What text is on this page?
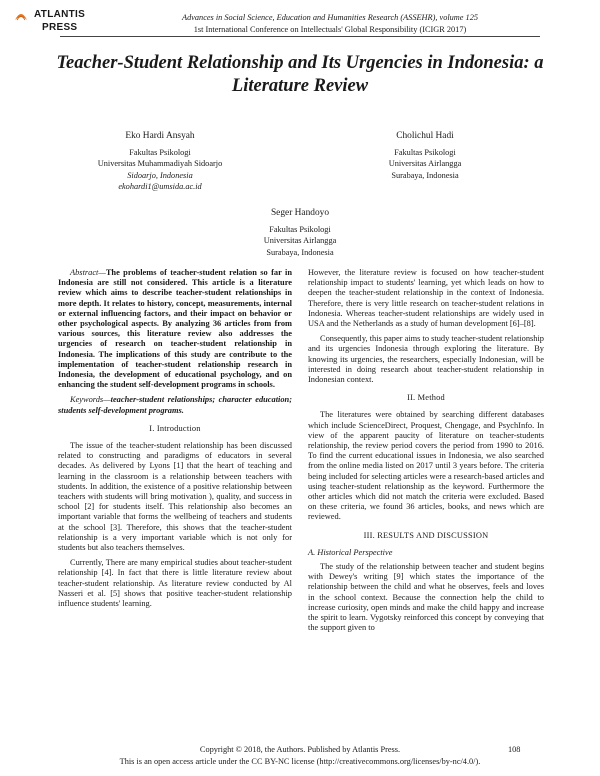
ATLANTIS
PRESS
Advances in Social Science, Education and Humanities Research (ASSEHR), volume 125
1st International Conference on Intellectuals' Global Responsibility (ICIGR 2017)
Teacher-Student Relationship and Its Urgencies in Indonesia: a Literature Review
Eko Hardi Ansyah
Fakultas Psikologi
Universitas Muhammadiyah Sidoarjo
Sidoarjo, Indonesia
ekohardi1@umsida.ac.id
Cholichul Hadi
Fakultas Psikologi
Universitas Airlangga
Surabaya, Indonesia
Seger Handoyo
Fakultas Psikologi
Universitas Airlangga
Surabaya, Indonesia
Abstract—The problems of teacher-student relation so far in Indonesia are still not considered. This article is a literature review which aims to describe teacher-student relationships in more depth. It relates to history, concept, measurements, internal or external influencing factors, and their impact on behavior or other psychological aspects. By analyzing 36 articles from from various sources, this literature review also addresses the urgencies of research on teacher-student relationship in Indonesia. The implications of this study are contribute to the implementation of teacher-student relationship research in Indonesia, the development of educational psychology, and on enhancing the student self-development programs in schools.
Keywords—teacher-student relationships; character education; students self-development programs.
I. Introduction

The issue of the teacher-student relationship has been discussed related to constructing and paradigms of educators in several decades. As delivered by Lyons [1] that the heart of teaching and learning in the classroom is a relationship between teachers with students. In addition, the existence of a positive relationship between teachers with students will bring motivation ), quality, and success in school [2] for students itself. This relationship also becomes an important variable that forms the wellbeing of teachers and students at the school [3]. Therefore, this shows that the teacher-student relationship is a very important variable which is not only for students but also teachers themselves.

Currently, There are many empirical studies about teacher-student relationship [4]. In fact that there is little literature review about teacher-student relationship. As literature review conducted by Al Nasseri et al. [5] shows that positive teacher-student relationship influence students' learning.

However, the literature review is focused on how teacher-student relationship impact to students' learning, yet which leads on how to deepen the teacher-student relationship in the context of Indonesia. Therefore, there is very little research on teacher-student relations in Indonesia. Whereas teacher-student relationships are widely used in USA and the Netherlands as a study of human development [6]–[8].

Consequently, this paper aims to study teacher-student relationship and its urgencies Indonesia through exploring the literature. By knowing its urgencies, the researchers, especially Indonesian, will be interested in doing research about teacher-student relationship in Indonesian context.

II. Method

The literatures were obtained by searching different databases which include ScienceDirect, Proquest, Chengage, and PsychInfo. In view of the apparent paucity of literature on teacher-students relationship, the review period covers the period from 1990 to 2016. To find the current educational issues in Indonesia, we also searched from the online media listed on 2017 until 3 years before. The criteria being included for selecting articles were a research-based articles and using teacher-student relationship as the keyword. Furthermore the other articles which did not match the criteria were excluded. Based on these criteria, we found 36 articles, books, and news which are reviewed.

III. RESULTS AND DISCUSSION
A. Historical Perspective

The study of the relationship between teacher and student begins with Dewey's writing [9] which states the importance of the relationship between the child and what he observes, feels and loves in the school context. Because the connection help the child to increase curiosity, open minds and make the child happy and increase the spirit to learn. Vygotsky reinforced this concept by conveying that the support given to

Copyright © 2018, the Authors. Published by Atlantis Press.	108
This is an open access article under the CC BY-NC license (http://creativecommons.org/licenses/by-nc/4.0/).
